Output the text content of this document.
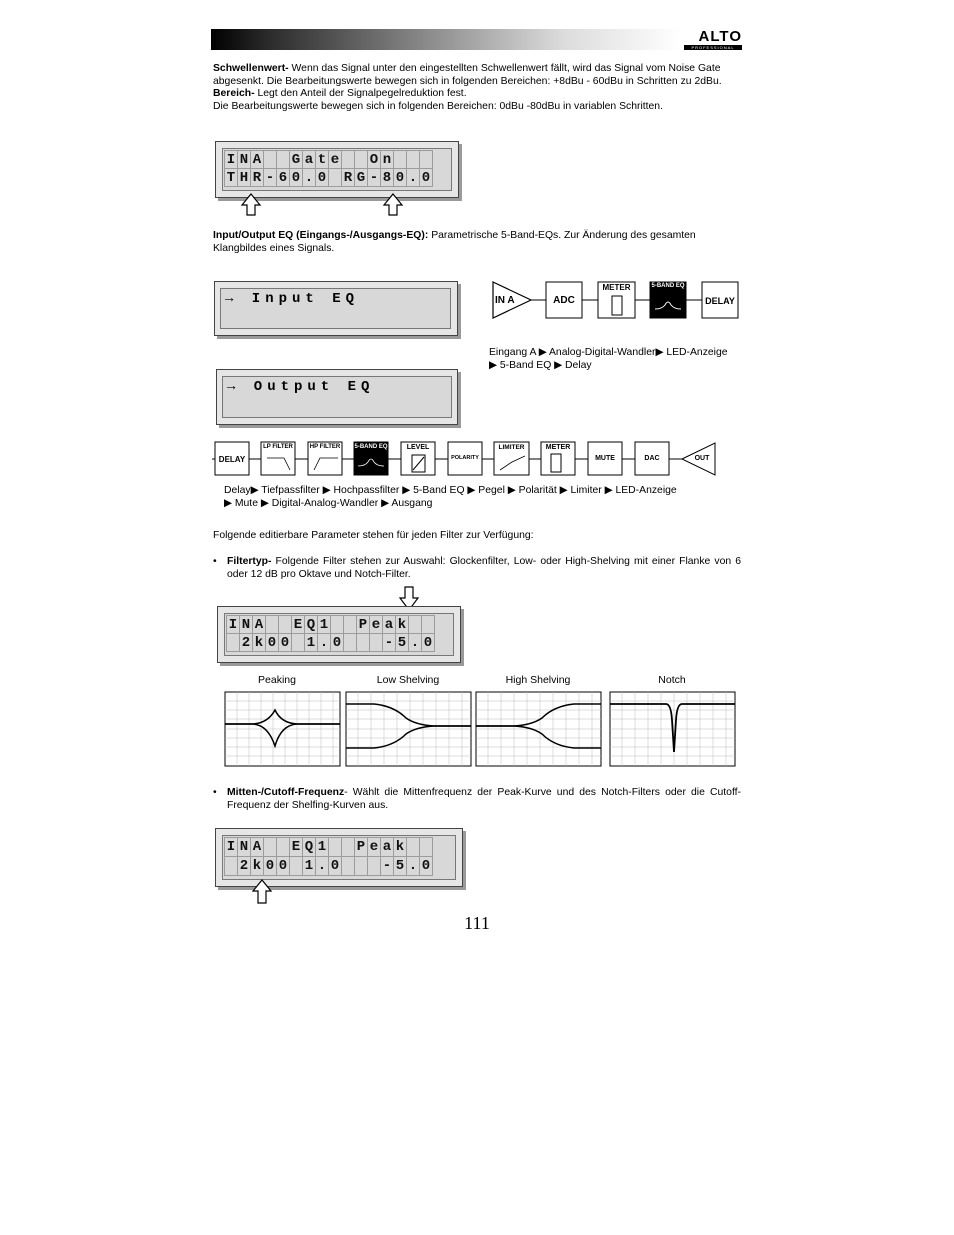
ALTO
PROFESSIONAL
Schwellenwert- Wenn das Signal unter den eingestellten Schwellenwert fällt, wird das Signal vom Noise Gate abgesenkt. Die Bearbeitungswerte bewegen sich in folgenden Bereichen: +8dBu - 60dBu in Schritten zu 2dBu.
Bereich- Legt den Anteil der Signalpegelreduktion fest.
Die Bearbeitungswerte bewegen sich in folgenden Bereichen: 0dBu -80dBu in variablen Schritten.
I	N	A			G	a	t	e			O	n			
T	H	R	-	6	0	.	0		R	G	-	8	0	.	0
Input/Output EQ (Eingangs-/Ausgangs-EQ): Parametrische 5-Band-EQs. Zur Änderung des gesamten Klangbildes eines Signals.
→ Input EQ
→ Output EQ
IN A	ADC
METER	5-BAND EQ
DELAY
Eingang A ▶ Analog-Digital-Wandler▶ LED-Anzeige ▶ 5-Band EQ ▶ Delay
DELAY
LP FILTER	HP FILTER 5-BAND EQ	LEVEL
POLARITY
LIMITER	METER
MUTE	DAC	OUT
Delay▶ Tiefpassfilter ▶ Hochpassfilter ▶ 5-Band EQ ▶ Pegel ▶ Polarität ▶ Limiter ▶ LED-Anzeige ▶ Mute ▶ Digital-Analog-Wandler ▶ Ausgang
Folgende editierbare Parameter stehen für jeden Filter zur Verfügung:
• Filtertyp- Folgende Filter stehen zur Auswahl: Glockenfilter, Low- oder High-Shelving mit einer Flanke von 6 oder 12 dB pro Oktave und Notch-Filter.
I	N	A			E	Q	1			P	e	a	k		
	2	k	0	0		1	.	0				-	5	.	0
Peaking	Low Shelving	High Shelving	Notch
• Mitten-/Cutoff-Frequenz- Wählt die Mittenfrequenz der Peak-Kurve und des Notch-Filters oder die Cutoff-Frequenz der Shelfing-Kurven aus.
I	N	A			E	Q	1			P	e	a	k		
	2	k	0	0		1	.	0				-	5	.	0
111
